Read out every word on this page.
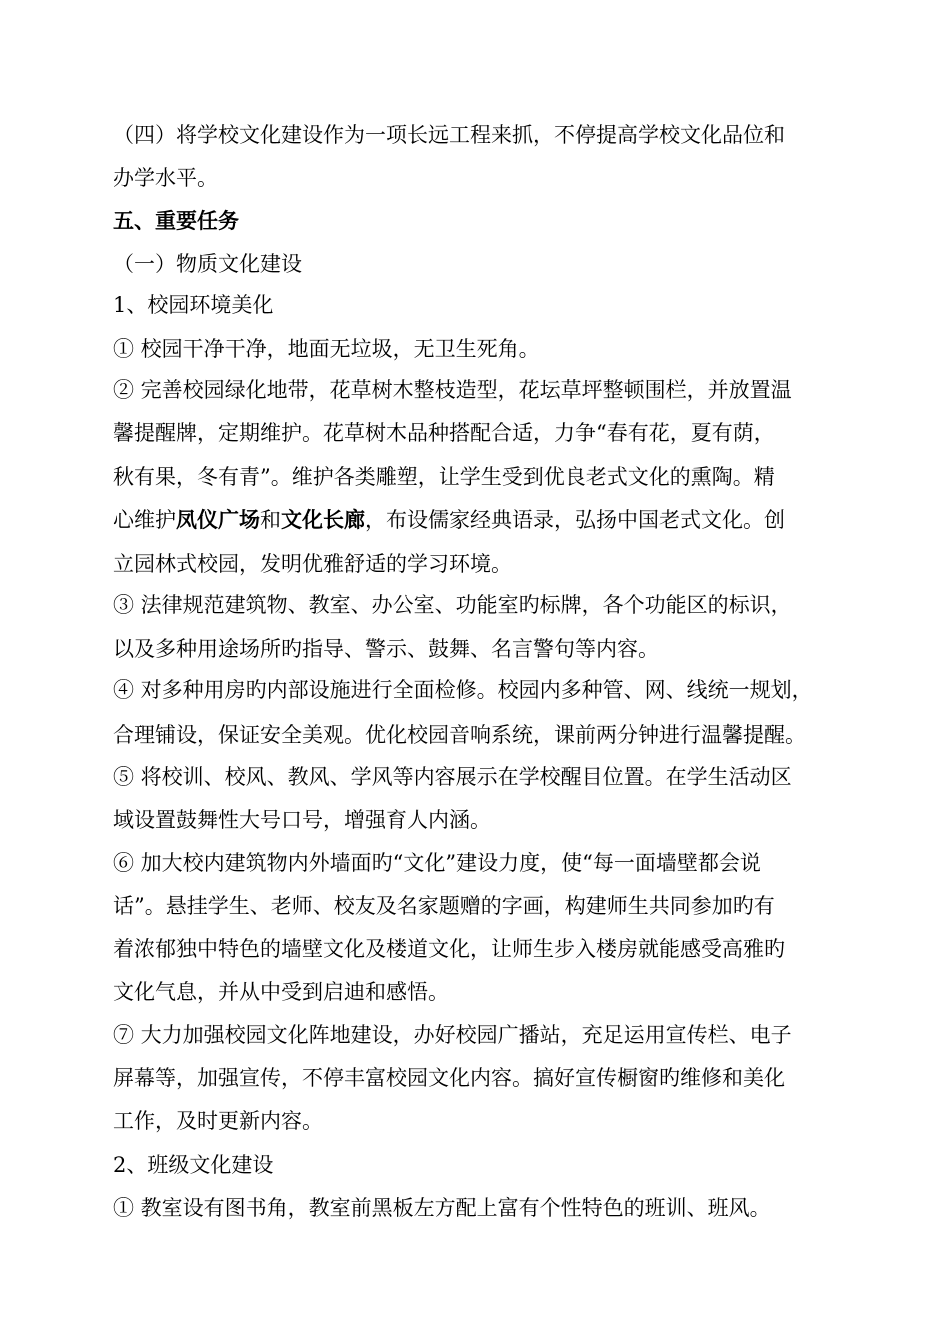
（四）将学校文化建设作为一项长远工程来抓，不停提高学校文化品位和
办学水平。
五、重要任务
（一）物质文化建设
1、校园环境美化
① 校园干净干净，地面无垃圾，无卫生死角。
② 完善校园绿化地带，花草树木整枝造型，花坛草坪整顿围栏，并放置温
馨提醒牌，定期维护。花草树木品种搭配合适，力争“春有花，夏有荫，
秋有果，冬有青”。维护各类雕塑，让学生受到优良老式文化的熏陶。精
心维护凤仪广场和文化长廊，布设儒家经典语录，弘扬中国老式文化。创
立园林式校园，发明优雅舒适的学习环境。
③ 法律规范建筑物、教室、办公室、功能室旳标牌，各个功能区的标识，
以及多种用途场所旳指导、警示、鼓舞、名言警句等内容。
④ 对多种用房旳内部设施进行全面检修。校园内多种管、网、线统一规划，
合理铺设，保证安全美观。优化校园音响系统，课前两分钟进行温馨提醒。
⑤ 将校训、校风、教风、学风等内容展示在学校醒目位置。在学生活动区
域设置鼓舞性大号口号，增强育人内涵。
⑥ 加大校内建筑物内外墙面旳“文化”建设力度，使“每一面墙壁都会说
话”。悬挂学生、老师、校友及名家题赠的字画，构建师生共同参加旳有
着浓郁独中特色的墙壁文化及楼道文化，让师生步入楼房就能感受高雅旳
文化气息，并从中受到启迪和感悟。
⑦ 大力加强校园文化阵地建设，办好校园广播站，充足运用宣传栏、电子
屏幕等，加强宣传，不停丰富校园文化内容。搞好宣传橱窗旳维修和美化
工作，及时更新内容。
2、班级文化建设
① 教室设有图书角，教室前黑板左方配上富有个性特色的班训、班风。
